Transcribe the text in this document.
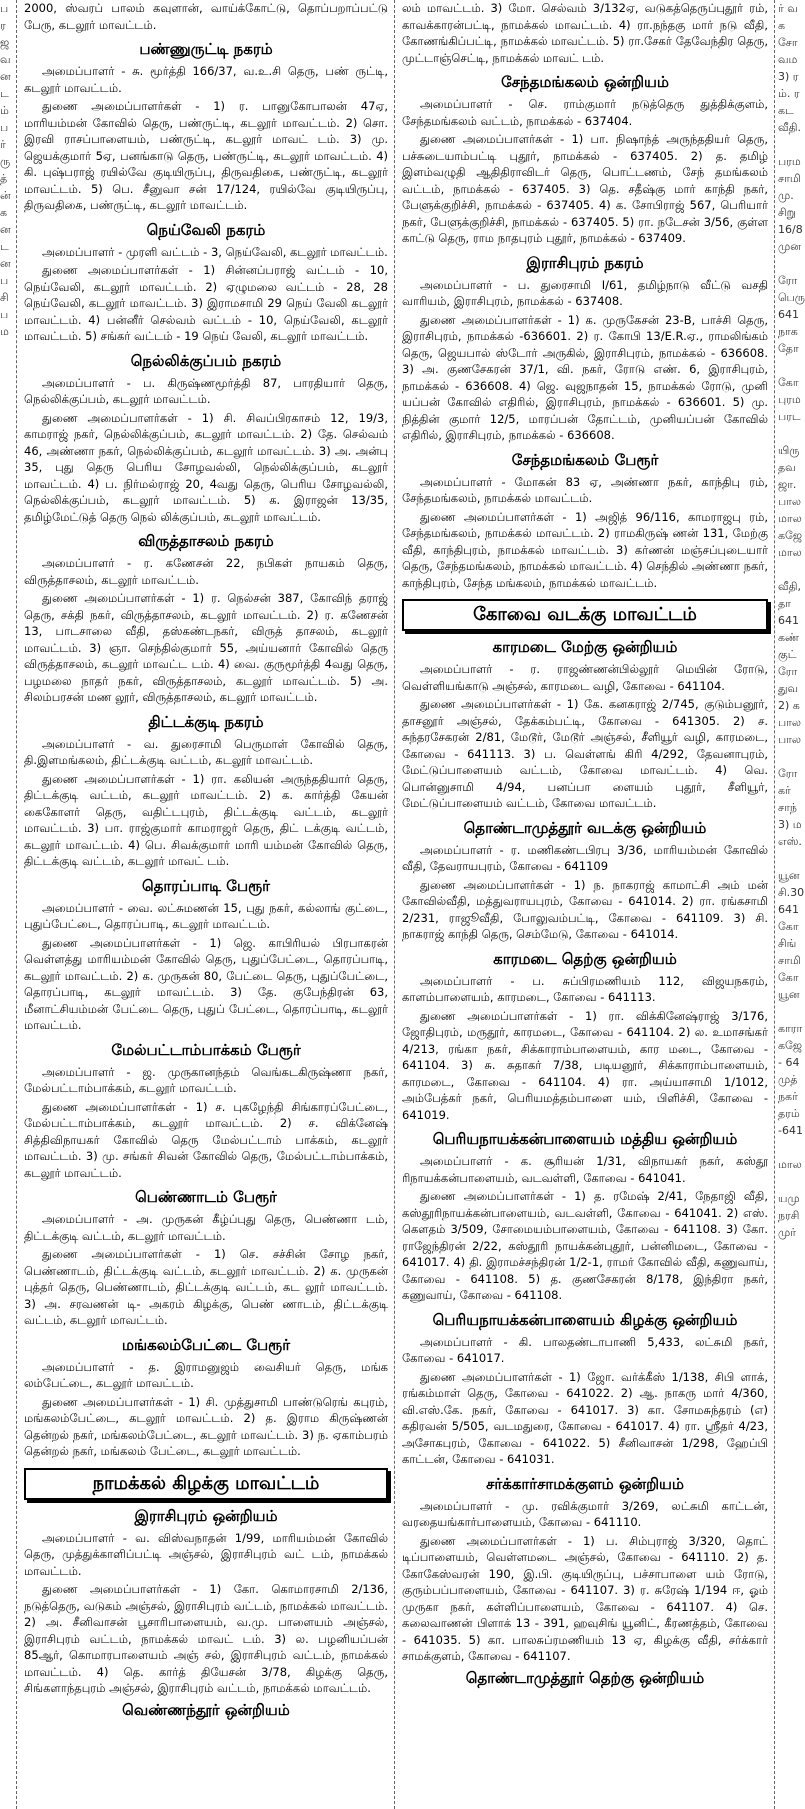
ப
ர
ஜ
வ
ன
ட
ம்
ப
ர்
ரு
த்
ன்
க
ன
ட
ன
ப
சி
ப
ம
ர் வ
க
சோ
வம
3) ர
ம். ர
கட
வீதி.

பரம
சாமி
மு.
சிறு
16/8
முன

ரோ
பெரு
641
நாக
தோ

கோ
புரம
பரட

யிரு
தவ
ஜா.
பால
மால
கஜே
மால

வீதி,
தா
641
கண்
குட்
ரோ
துவ
2) க
பால
பால

ரோ
கர்
சாந்
3) ம
எஸ்.

யூன
சி.30
641
கோ
சிங்
சாமி
கோ
யூன

காரா
கஜே
- 64
முத்
நகர்
தரம்
-641

மால

யமு
நரசி
முர்

2000, ஸ்வரப் பாலம் கவுளான், வாய்க்கோட்டு, தொப்பறாப்பட்டு பேரு, கடலூர் மாவட்டம்.

பண்ணுருட்டி நகரம்

அமைப்பாளர் - சு. மூர்த்தி 166/37, வ.உ.சி தெரு, பண் ருட்டி, கடலூர் மாவட்டம்.

துணை அமைப்பாளர்கள் - 1) ர. பானுகோபாலன் 47ஏ, மாரியம்மன் கோவில் தெரு, பண்ருட்டி, கடலூர் மாவட்டம். 2) சொ. இரவி ராசப்பாளையம், பண்ருட்டி, கடலூர் மாவட் டம். 3) மு. ஜெயக்குமார் 5ஏ, பனங்காடு தெரு, பண்ருட்டி, கடலூர் மாவட்டம். 4) கி. புஷ்பராஜ் ரயில்வே குடியிருப்பு, திருவதிகை, பண்ருட்டி, கடலூர் மாவட்டம். 5) பெ. சீனுவா சன் 17/124, ரயில்வே குடியிருப்பு, திருவதிகை, பண்ருட்டி, கடலூர் மாவட்டம்.

நெய்வேலி நகரம்

அமைப்பாளர் - முரளி வட்டம் - 3, நெய்வேலி, கடலூர் மாவட்டம்.

துணை அமைப்பாளர்கள் - 1) சின்னப்பராஜ் வட்டம் - 10, நெய்வேலி, கடலூர் மாவட்டம். 2) ஏழுமலை வட்டம் - 28, 28 நெய்வேலி, கடலூர் மாவட்டம். 3) இராமசாமி 29 நெய் வேலி கடலூர் மாவட்டம். 4) பன்னீர் செல்வம் வட்டம் - 10, நெய்வேலி, கடலூர் மாவட்டம். 5) சங்கர் வட்டம் - 19 நெய் வேலி, கடலூர் மாவட்டம்.

நெல்லிக்குப்பம் நகரம்

அமைப்பாளர் - ப. கிருஷ்ணமூர்த்தி 87, பாரதியார் தெரு, நெல்லிக்குப்பம், கடலூர் மாவட்டம்.

துணை அமைப்பாளர்கள் - 1) சி. சிவப்பிரகாசம் 12, 19/3, காமராஜ் நகர், நெல்லிக்குப்பம், கடலூர் மாவட்டம். 2) தே. செல்வம் 46, அண்ணா நகர், நெல்லிக்குப்பம், கடலூர் மாவட்டம். 3) அ. அன்பு 35, புது தெரு பெரிய சோழவல்லி, நெல்லிக்குப்பம், கடலூர் மாவட்டம். 4) ப. நிர்மல்ராஜ் 20, 4வது தெரு, பெரிய சோழவல்லி, நெல்லிக்குப்பம், கடலூர் மாவட்டம். 5) க. இராஜன் 13/35, தமிழ்மேட்டுத் தெரு நெல் லிக்குப்பம், கடலூர் மாவட்டம்.

விருத்தாசலம் நகரம்

அமைப்பாளர் - ர. கணேசன் 22, நபிகள் நாயகம் தெரு, விருத்தாசலம், கடலூர் மாவட்டம்.

துணை அமைப்பாளர்கள் - 1) ர. நெல்சன் 387, கோவிந் தராஜ் தெரு, சக்தி நகர், விருத்தாசலம், கடலூர் மாவட்டம். 2) ர. கணேசன் 13, பாடசாலை வீதி, தஸ்கண்டநகர், விருத் தாசலம், கடலூர் மாவட்டம். 3) ஞா. செந்தில்குமார் 55, அய்யனார் கோவில் தெரு விருத்தாசலம், கடலூர் மாவட்ட டம். 4) வை. குருமூர்த்தி 4வது தெரு, பழமலை நாதர் நகர், விருத்தாசலம், கடலூர் மாவட்டம். 5) அ. சிலம்பரசன் மண லூர், விருத்தாசலம், கடலூர் மாவட்டம்.

திட்டக்குடி நகரம்

அமைப்பாளர் - வ. துரைசாமி பெருமாள் கோவில் தெரு, தி.இளமங்கலம், திட்டக்குடி வட்டம், கடலூர் மாவட்டம்.

துணை அமைப்பாளர்கள் - 1) ரா. கலியன் அருந்ததியார் தெரு, திட்டக்குடி வட்டம், கடலூர் மாவட்டம். 2) க. கார்த்தி கேயன் கைகோளர் தெரு, வதிட்டபுரம், திட்டக்குடி வட்டம், கடலூர் மாவட்டம். 3) பா. ராஜ்குமார் காமராஜர் தெரு, திட் டக்குடி வட்டம், கடலூர் மாவட்டம். 4) பெ. சிவக்குமார் மாரி யம்மன் கோவில் தெரு, திட்டக்குடி வட்டம், கடலூர் மாவட் டம்.

தொரப்பாடி பேரூர்

அமைப்பாளர் - வை. லட்சுமணன் 15, புது நகர், கல்லாங் குட்டை, புதுப்பேட்டை, தொரப்பாடி, கடலூர் மாவட்டம்.

துணை அமைப்பாளர்கள் - 1) ஜெ. காபிரியல் பிரபாகரன் வெள்ளத்து மாரியம்மன் கோவில் தெரு, புதுப்பேட்டை, தொரப்பாடி, கடலூர் மாவட்டம். 2) க. முருகன் 80, பேட்டை தெரு, புதுப்பேட்டை, தொரப்பாடி, கடலூர் மாவட்டம். 3) தே. குபேந்திரன் 63, மீனாட்சியம்மன் பேட்டை தெரு, புதுப் பேட்டை, தொரப்பாடி, கடலூர் மாவட்டம்.

மேல்பட்டாம்பாக்கம் பேரூர்

அமைப்பாளர் - ஜ. முருகானந்தம் வெங்கடகிருஷ்ணா நகர், மேல்பட்டாம்பாக்கம், கடலூர் மாவட்டம்.

துணை அமைப்பாளர்கள் - 1) ச. புகழேந்தி சிங்காரப்பேட்டை, மேல்பட்டாம்பாக்கம், கடலூர் மாவட்டம். 2) ச. விக்னேஷ் சித்திவிநாயகர் கோவில் தெரு மேல்பட்டாம் பாக்கம், கடலூர் மாவட்டம். 3) மு. சங்கர் சிவன் கோவில் தெரு, மேல்பட்டாம்பாக்கம், கடலூர் மாவட்டம்.

பெண்ணாடம் பேரூர்

அமைப்பாளர் - அ. முருகன் கீழ்ப்புது தெரு, பெண்ணா டம், திட்டக்குடி வட்டம், கடலூர் மாவட்டம்.

துணை அமைப்பாளர்கள் - 1) செ. சச்சின் சோழ நகர், பெண்ணாடம், திட்டக்குடி வட்டம், கடலூர் மாவட்டம். 2) க. முருகன் புத்தர் தெரு, பெண்ணாடம், திட்டக்குடி வட்டம், கட லூர் மாவட்டம். 3) அ. சரவணன் டி- அகரம் கிழக்கு, பெண் ணாடம், திட்டக்குடி வட்டம், கடலூர் மாவட்டம்.

மங்கலம்பேட்டை பேரூர்

அமைப்பாளர் - த. இராமனுஜம் வைசியர் தெரு, மங்க லம்பேட்டை, கடலூர் மாவட்டம்.

துணை அமைப்பாளர்கள் - 1) சி. முத்துசாமி பாண்டுரெங் கபுரம், மங்கலம்பேட்டை, கடலூர் மாவட்டம். 2) த. இராம கிருஷ்ணன் தென்றல் நகர், மங்கலம்பேட்டை, கடலூர் மாவட்டம். 3) ந. ஏகாம்பரம் தென்றல் நகர், மங்கலம் பேட்டை, கடலூர் மாவட்டம்.

நாமக்கல் கிழக்கு மாவட்டம்
இராசிபுரம் ஒன்றியம்

அமைப்பாளர் - வ. விஸ்வநாதன் 1/99, மாரியம்மன் கோவில் தெரு, முத்துக்காளிப்பட்டி அஞ்சல், இராசிபுரம் வட் டம், நாமக்கல் மாவட்டம்.

துணை அமைப்பாளர்கள் - 1) கோ. கொமாரசாமி 2/136, நடுத்தெரு, வடுகம் அஞ்சல், இராசிபுரம் வட்டம், நாமக்கல் மாவட்டம். 2) அ. சீனிவாசன் பூசாரிபாளையம், வ.மு. பாளையம் அஞ்சல், இராசிபுரம் வட்டம், நாமக்கல் மாவட் டம். 3) ல. பழனியப்பன் 85ஆர், கொமாரபாளையம் அஞ் சல், இராசிபுரம் வட்டம், நாமக்கல் மாவட்டம். 4) தெ. கார்த் தியேசன் 3/78, கிழக்கு தெரு, சிங்களாந்தபுரம் அஞ்சல், இராசிபுரம் வட்டம், நாமக்கல் மாவட்டம்.

வெண்ணந்தூர் ஒன்றியம்

லம் மாவட்டம். 3) மோ. செல்வம் 3/132ஏ, வடுகத்தெருப்புதூர் ரம், காவக்காரன்பட்டி, நாமக்கல் மாவட்டம். 4) ரா.நந்தகு மார் நடு வீதி, கோணங்கிப்பட்டி, நாமக்கல் மாவட்டம். 5) ரா.சேகர் தேவேந்திர தெரு, முட்டாஞ்செட்டி, நாமக்கல் மாவட் டம்.

சேந்தமங்கலம் ஒன்றியம்

அமைப்பாளர் - செ. ராம்குமார் நடுத்தெரு துத்திக்குளம், சேந்தமங்கலம் வட்டம், நாமக்கல் - 637404.

துணை அமைப்பாளர்கள் - 1) பா. நிஷாந்த் அருந்ததியர் தெரு, பச்சுடையாம்பட்டி புதூர், நாமக்கல் - 637405. 2) த. தமிழ் இளம்வழுதி ஆதிதிராவிடர் தெரு, பொட்டணம், சேந் தமங்கலம் வட்டம், நாமக்கல் - 637405. 3) தெ. சதீஷ்கு மார் காந்தி நகர், பேளுக்குறிச்சி, நாமக்கல் - 637405. 4) க. சோபிராஜ் 567, பெரியார் நகர், பேளுக்குறிச்சி, நாமக்கல் - 637405. 5) ரா. நடேசன் 3/56, குள்ள காட்டு தெரு, ராம நாதபுரம் புதூர், நாமக்கல் - 637409.

இராசிபுரம் நகரம்

அமைப்பாளர் - ப. துரைசாமி I/61, தமிழ்நாடு வீட்டு வசதி வாரியம், இராசிபுரம், நாமக்கல் - 637408.

துணை அமைப்பாளர்கள் - 1) க. முருகேசன் 23-B, பாச்சி தெரு, இராசிபுரம், நாமக்கல் -636601. 2) ர. கோபி 13/E.R.ஏ., ராமலிங்கம் தெரு, ஜெயபால் ஸ்டோர் அருகில், இராசிபுரம், நாமக்கல் - 636608. 3) அ. குணசேகரன் 37/1, வி. நகர், ரோடு எண். 6, இராசிபுரம், நாமக்கல் - 636608. 4) ஜெ. வுஜநாதன் 15, நாமக்கல் ரோடு, முனி யப்பன் கோவில் எதிரில், இராசிபுரம், நாமக்கல் - 636601. 5) மு. நித்தின் குமார் 12/5, மாரப்பன் தோட்டம், முனியப்பன் கோவில் எதிரில், இராசிபுரம், நாமக்கல் - 636608.

சேந்தமங்கலம் பேரூர்

அமைப்பாளர் - மோகன் 83 ஏ, அண்ணா நகர், காந்திபு ரம், சேந்தமங்கலம், நாமக்கல் மாவட்டம்.

துணை அமைப்பாளர்கள் - 1) அஜித் 96/116, காமராஜபு ரம், சேந்தமங்கலம், நாமக்கல் மாவட்டம். 2) ராமகிருஷ் ணன் 131, மேற்கு வீதி, காந்திபுரம், நாமக்கல் மாவட்டம். 3) கர்ணன் மஞ்சப்புடையார் தெரு, சேந்தமங்கலம், நாமக்கல் மாவட்டம். 4) செந்தில் அண்ணா நகர், காந்திபுரம், சேந்த மங்கலம், நாமக்கல் மாவட்டம்.

கோவை வடக்கு மாவட்டம்
காரமடை மேற்கு ஒன்றியம்

அமைப்பாளர் - ர. ராஜண்ணன்பில்லூர் மெயின் ரோடு, வெள்ளியங்காடு அஞ்சல், காரமடை வழி, கோவை - 641104.

துணை அமைப்பாளர்கள் - 1) கே. கனகராஜ் 2/745, குடும்பனூர், தாசனூர் அஞ்சல், தேக்கம்பட்டி, கோவை - 641305. 2) ச. சுந்தரசேகரன் 2/81, மேடூர், மேடூர் அஞ்சல், சீளியூர் வழி, காரமடை, கோவை - 641113. 3) ப. வெள்ளங் கிரி 4/292, தேவனாபுரம், மேட்டுப்பாளையம் வட்டம், கோவை மாவட்டம். 4) வெ. பொன்னுசாமி 4/94, பனப்பா ளையம் புதூர், சீளியூர், மேட்டுப்பாளையம் வட்டம், கோவை மாவட்டம்.

தொண்டாமுத்தூர் வடக்கு ஒன்றியம்

அமைப்பாளர் - ர. மணிகண்டபிரபு 3/36, மாரியம்மன் கோவில் வீதி, தேவராயபுரம், கோவை - 641109

துணை அமைப்பாளர்கள் - 1) ந. நாகராஜ் காமாட்சி அம் மன் கோவில்வீதி, மத்துவராயபுரம், கோவை - 641014. 2) ரா. ரங்கசாமி 2/231, ராஜூவீதி, போலுவம்பட்டி, கோவை - 641109. 3) சி. நாகராஜ் காந்தி தெரு, செம்மேடு, கோவை - 641014.

காரமடை தெற்கு ஒன்றியம்

அமைப்பாளர் - ப. சுப்பிரமணியம் 112, விஜயநகரம், காளம்பாளையம், காரமடை, கோவை - 641113.

துணை அமைப்பாளர்கள் - 1) ரா. விக்கினேஷ்ராஜ் 3/176, ஜோதிபுரம், மருதூர், காரமடை, கோவை - 641104. 2) ல. உமாசங்கர் 4/213, ரங்கா நகர், சிக்காராம்பாளையம், கார மடை, கோவை - 641104. 3) சு. சுதாகர் 7/38, படியனூர், சிக்காராம்பாளையம், காரமடை, கோவை - 641104. 4) ரா. அய்யாசாமி 1/1012, அம்பேத்கர் நகர், பெரியமத்தம்பாளை யம், பிளிச்சி, கோவை - 641019.

பெரியநாயக்கன்பாளையம் மத்திய ஒன்றியம்

அமைப்பாளர் - க. சூரியன் 1/31, விநாயகர் நகர், கஸ்தூ ரிநாயக்கன்பாளையம், வடவள்ளி, கோவை - 641041.

துணை அமைப்பாளர்கள் - 1) த. ரமேஷ் 2/41, நேதாஜி வீதி, கஸ்தூரிநாயக்கன்பாளையம், வடவள்ளி, கோவை - 641041. 2) எஸ். கௌதம் 3/509, சோமையம்பாளையம், கோவை - 641108. 3) கோ. ராஜேந்திரன் 2/22, கஸ்தூரி நாயக்கன்புதூர், பன்னிமடை, கோவை - 641017. 4) தி. இராமச்சந்திரன் 1/2-1, ராமர் கோவில் வீதி, கணுவாய், கோவை - 641108. 5) த. குணசேகரன் 8/178, இந்திரா நகர், கணுவாய், கோவை - 641108.

பெரியநாயக்கன்பாளையம் கிழக்கு ஒன்றியம்

அமைப்பாளர் - கி. பாலதண்டாபாணி 5,433, லட்சுமி நகர், கோவை - 641017.

துணை அமைப்பாளர்கள் - 1) ஜோ. வர்க்கீஸ் 1/138, சிபி ளாக், ரங்கம்மாள் தெரு, கோவை - 641022. 2) ஆ. நாகரு மார் 4/360, வி.எஸ்.கே. நகர், கோவை - 641017. 3) கா. சோமசுந்தரம் (எ) கதிரவன் 5/505, வடமதுரை, கோவை - 641017. 4) ரா. ஸ்ரீதர் 4/23, அசோகபுரம், கோவை - 641022. 5) சீனிவாசன் 1/298, ஹேப்பி காட்டன், கோவை - 641031.

சர்க்கார்சாமக்குளம் ஒன்றியம்

அமைப்பாளர் - மு. ரவிக்குமார் 3/269, லட்சுமி காட்டன், வரதையங்கார்பாளையம், கோவை - 641110.

துணை அமைப்பாளர்கள் - 1) ப. சிம்புராஜ் 3/320, தொட் டிப்பாளையம், வெள்ளமடை அஞ்சல், கோவை - 641110. 2) த. கோகேஸ்வரன் 190, இ.பி. குடியிருப்பு, பச்சாபாளை யம் ரோடு, குரும்பப்பாளையம், கோவை - 641107. 3) ர. சுரேஷ் 1/194 ஈ, ஓம் முருகா நகர், கள்ளிப்பாளையம், கோவை - 641107. 4) செ. கலைவாணன் பிளாக் 13 - 391, ஹவுசிங் யூனிட், கீரணத்தம், கோவை - 641035. 5) கா. பாலசுப்ரமணியம் 13 ஏ, கிழக்கு வீதி, சர்க்கார் சாமக்குளம், கோவை - 641107.

தொண்டாமுத்தூர் தெற்கு ஒன்றியம்
